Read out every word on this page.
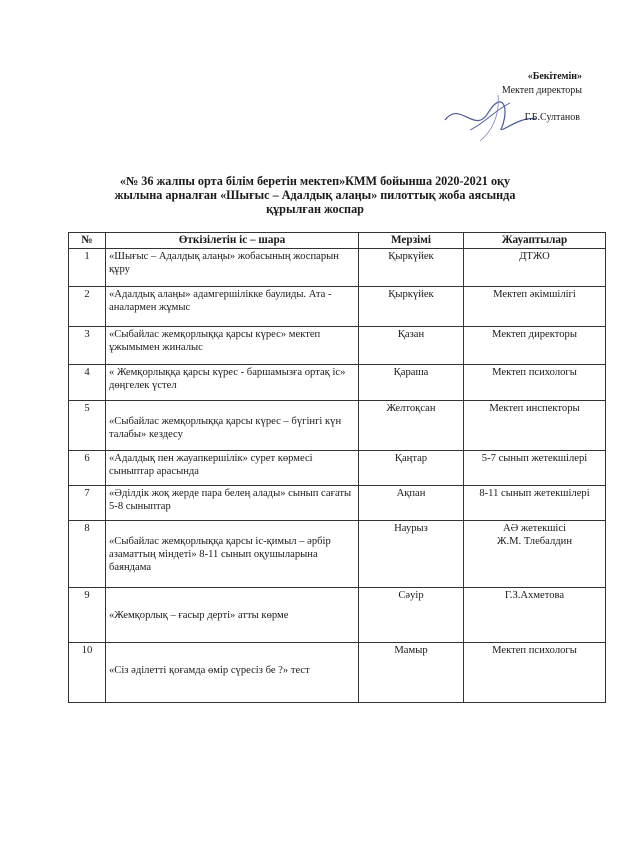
«Бекітемін»
Мектеп директоры
Г.Б.Султанов
«№ 36 жалпы орта білім беретін мектеп»КММ бойынша 2020-2021 оқу жылына арналған «Шығыс – Адалдық алаңы» пилоттық жоба аясында құрылған жоспар
№	Өткізілетін іс – шара	Мерзімі	Жауаптылар
1	«Шығыс – Адалдық алаңы» жобасының жоспарын құру	Қыркүйек	ДТЖО
2	«Адалдық алаңы» адамгершілікке баулиды. Ата - аналармен жұмыс	Қыркүйек	Мектеп әкімшілігі
3	«Сыбайлас жемқорлыққа қарсы күрес» мектеп ұжымымен жиналыс	Қазан	Мектеп директоры
4	« Жемқорлыққа қарсы күрес - баршамызға ортақ іс» дөңгелек үстел	Қараша	Мектеп психологы
5	«Сыбайлас жемқорлыққа қарсы күрес – бүгінгі күн талабы» кездесу	Желтоқсан	Мектеп инспекторы
6	«Адалдық пен жауапкершілік» сурет көрмесі сыныптар арасында	Қаңтар	5-7 сынып жетекшілері
7	«Әділдік жоқ жерде пара белең алады» сынып сағаты 5-8 сыныптар	Ақпан	8-11 сынып жетекшілері
8	«Сыбайлас жемқорлыққа қарсы іс-қимыл – әрбір азаматтың міндеті» 8-11 сынып оқушыларына баяндама	Наурыз	АӘ жетекшісі
Ж.М. Тлебалдин
9	«Жемқорлық – ғасыр дерті» атты көрме	Сәуір	Г.З.Ахметова
10	«Сіз әділетті қоғамда өмір сүресіз бе ?» тест	Мамыр	Мектеп психологы
